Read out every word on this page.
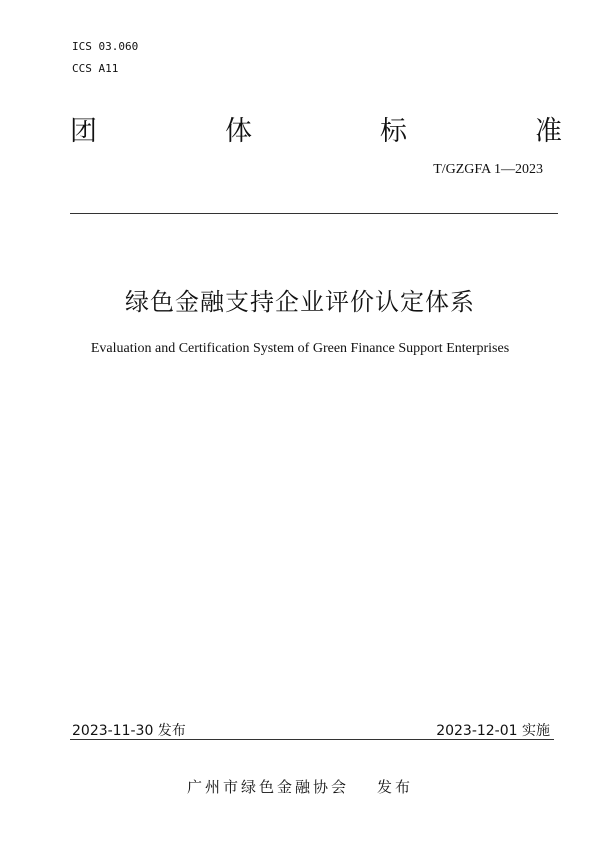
ICS 03.060
CCS A11
团	体	标	准
T/GZGFA 1—2023
绿色金融支持企业评价认定体系
Evaluation and Certification System of Green Finance Support Enterprises
2023-11-30 发布	2023-12-01 实施
广州市绿色金融协会 发布
